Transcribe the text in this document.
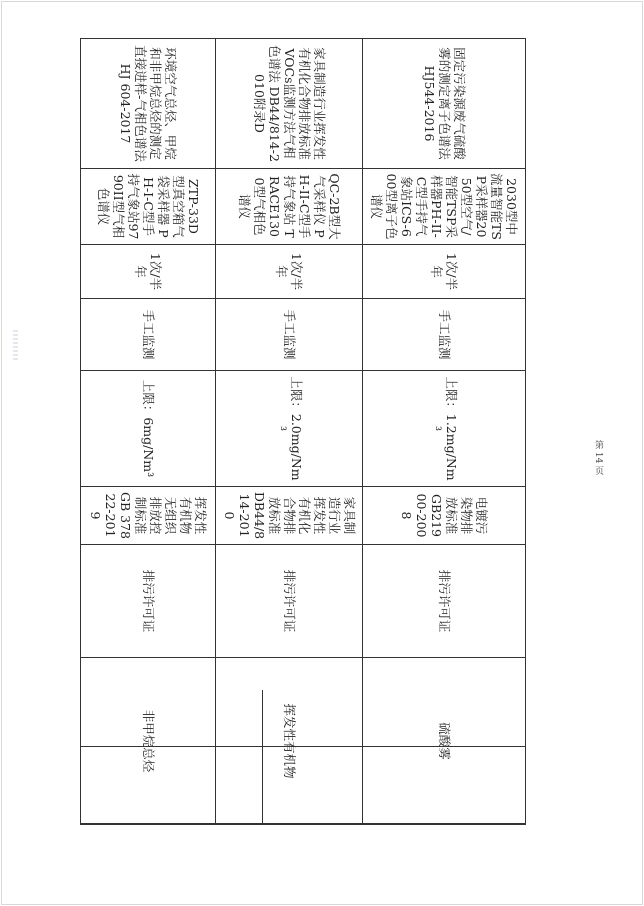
固定污染源废气硫酸雾的测定离子色谱法 HJ544-2016	2030型中流量智能TSP采样器2050型空气/智能TSP采样器PH-II-C型手持气象站ICS-600型离子色谱仪	1次/半年	手工监测	上限：1.2mg/Nm³	电镀污染物排放标准 GB21900-2008	排污许可证	硫酸雾
家具制造行业挥发性有机化合物排放标准 VOCs监测方法气相色谱法 DB44/814-2010附录D	QC-2B型大气采样仪 PH-II-C型手持气象站 TRACE1300型气相色谱仪	1次/半年	手工监测	上限：2.0mg/Nm³	家具制造行业挥发性有机化合物排放标准 DB44/814-2010	排污许可证	挥发性有机物
环境空气总烃、甲烷和非甲烷总烃的测定直接进样-气相色谱法 HJ 604-2017	ZTP-33D型真空箱气袋采样器 PH-I-C型手持气象站9790II型气相色谱仪	1次/半年	手工监测	上限：6mg/Nm³	挥发性有机物无组织排放控制标准 GB 37822-2019	排污许可证	非甲烷总烃
第 14 页
